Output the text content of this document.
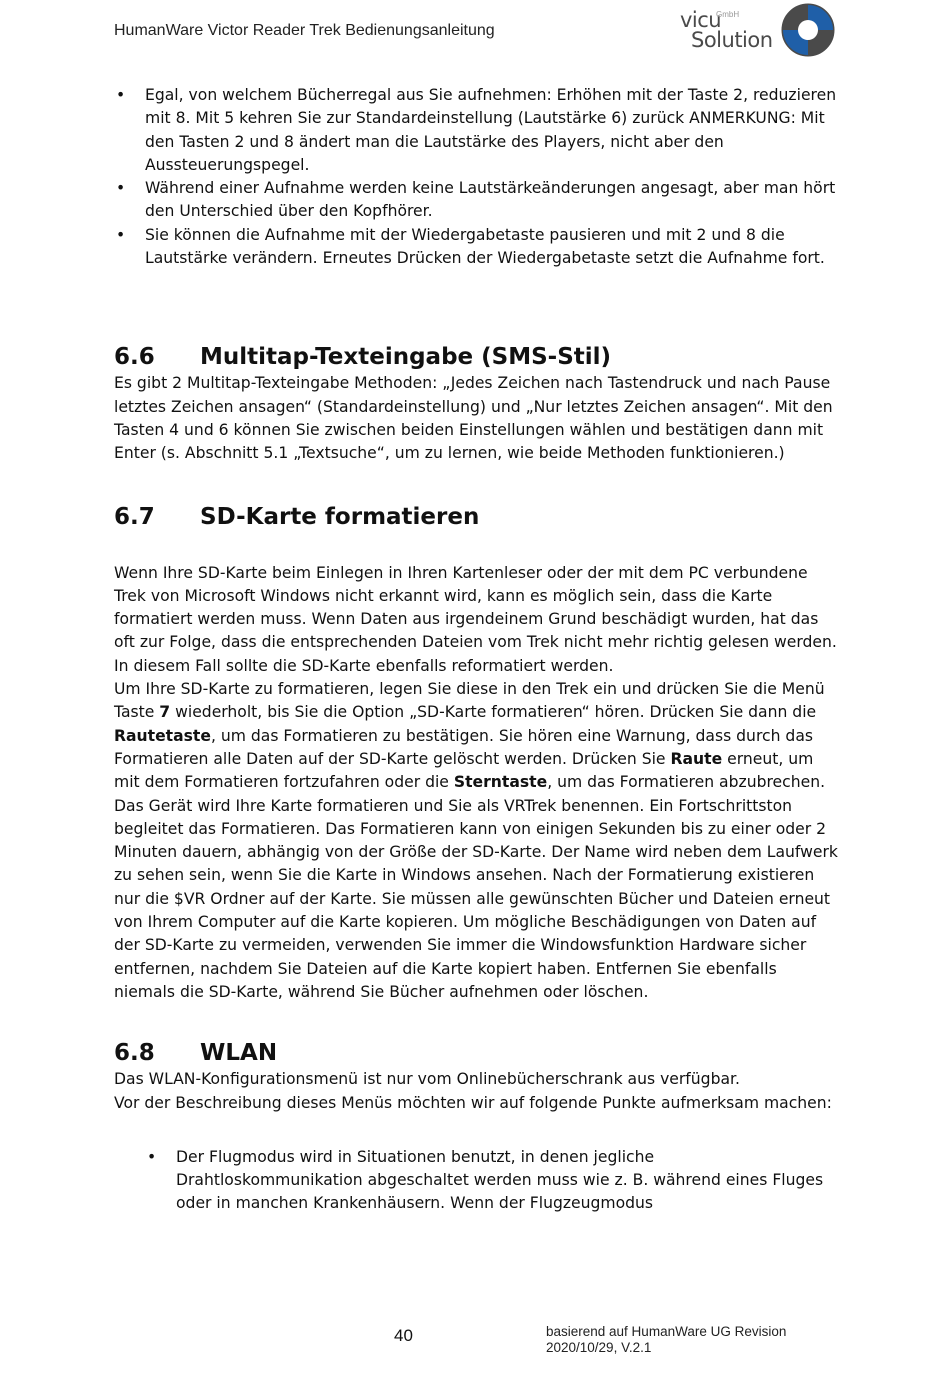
HumanWare Victor Reader Trek Bedienungsanleitung	vicu
GmbH
Solution
• Egal, von welchem Bücherregal aus Sie aufnehmen: Erhöhen mit der Taste 2, reduzieren mit 8. Mit 5 kehren Sie zur Standardeinstellung (Lautstärke 6) zurück ANMERKUNG: Mit den Tasten 2 und 8 ändert man die Lautstärke des Players, nicht aber den Aussteuerungspegel.
• Während einer Aufnahme werden keine Lautstärkeänderungen angesagt, aber man hört den Unterschied über den Kopfhörer.
• Sie können die Aufnahme mit der Wiedergabetaste pausieren und mit 2 und 8 die Lautstärke verändern. Erneutes Drücken der Wiedergabetaste setzt die Aufnahme fort.
6.6	Multitap-Texteingabe (SMS-Stil)

Es gibt 2 Multitap-Texteingabe Methoden: „Jedes Zeichen nach Tastendruck und nach Pause letztes Zeichen ansagen“ (Standardeinstellung) und „Nur letztes Zeichen ansagen“. Mit den Tasten 4 und 6 können Sie zwischen beiden Einstellungen wählen und bestätigen dann mit Enter (s. Abschnitt 5.1 „Textsuche“, um zu lernen, wie beide Methoden funktionieren.)

6.7	SD-Karte formatieren

Wenn Ihre SD-Karte beim Einlegen in Ihren Kartenleser oder der mit dem PC verbundene Trek von Microsoft Windows nicht erkannt wird, kann es möglich sein, dass die Karte formatiert werden muss. Wenn Daten aus irgendeinem Grund beschädigt wurden, hat das oft zur Folge, dass die entsprechenden Dateien vom Trek nicht mehr richtig gelesen werden. In diesem Fall sollte die SD-Karte ebenfalls reformatiert werden.

Um Ihre SD-Karte zu formatieren, legen Sie diese in den Trek ein und drücken Sie die Menü Taste 7 wiederholt, bis Sie die Option „SD-Karte formatieren“ hören. Drücken Sie dann die Rautetaste, um das Formatieren zu bestätigen. Sie hören eine Warnung, dass durch das Formatieren alle Daten auf der SD-Karte gelöscht werden. Drücken Sie Raute erneut, um mit dem Formatieren fortzufahren oder die Sterntaste, um das Formatieren abzubrechen. Das Gerät wird Ihre Karte formatieren und Sie als VRTrek benennen. Ein Fortschrittston begleitet das Formatieren. Das Formatieren kann von einigen Sekunden bis zu einer oder 2 Minuten dauern, abhängig von der Größe der SD-Karte. Der Name wird neben dem Laufwerk zu sehen sein, wenn Sie die Karte in Windows ansehen. Nach der Formatierung existieren nur die $VR Ordner auf der Karte. Sie müssen alle gewünschten Bücher und Dateien erneut von Ihrem Computer auf die Karte kopieren. Um mögliche Beschädigungen von Daten auf der SD-Karte zu vermeiden, verwenden Sie immer die Windowsfunktion Hardware sicher entfernen, nachdem Sie Dateien auf die Karte kopiert haben. Entfernen Sie ebenfalls niemals die SD-Karte, während Sie Bücher aufnehmen oder löschen.

6.8	WLAN

Das WLAN-Konfigurationsmenü ist nur vom Onlinebücherschrank aus verfügbar.

Vor der Beschreibung dieses Menüs möchten wir auf folgende Punkte aufmerksam machen:

• Der Flugmodus wird in Situationen benutzt, in denen jegliche Drahtloskommunikation abgeschaltet werden muss wie z. B. während eines Fluges oder in manchen Krankenhäusern. Wenn der Flugzeugmodus
40	basierend auf HumanWare UG Revision
2020/10/29, V.2.1
